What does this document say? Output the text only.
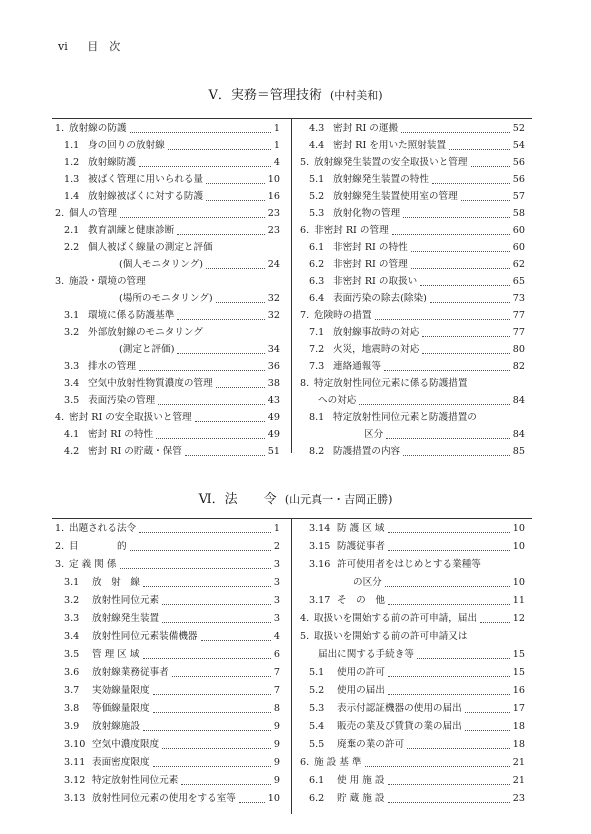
vi 目　次
Ⅴ．実務＝管理技術 (中村美和)
1. 放射線の防護	1
1.1 身の回りの放射線	1
1.2 放射線防護	4
1.3 被ばく管理に用いられる量	10
1.4 放射線被ばくに対する防護	16
2. 個人の管理	23
2.1 教育訓練と健康診断	23
2.2 個人被ばく線量の測定と評価
(個人モニタリング)	24
3. 施設・環境の管理
(場所のモニタリング)	32
3.1 環境に係る防護基準	32
3.2 外部放射線のモニタリング
(測定と評価)	34
3.3 排水の管理	36
3.4 空気中放射性物質濃度の管理	38
3.5 表面汚染の管理	43
4. 密封 RI の安全取扱いと管理	49
4.1 密封 RI の特性	49
4.2 密封 RI の貯蔵・保管	51
4.3 密封 RI の運搬	52
4.4 密封 RI を用いた照射装置	54
5. 放射線発生装置の安全取扱いと管理	56
5.1 放射線発生装置の特性	56
5.2 放射線発生装置使用室の管理	57
5.3 放射化物の管理	58
6. 非密封 RI の管理	60
6.1 非密封 RI の特性	60
6.2 非密封 RI の管理	62
6.3 非密封 RI の取扱い	65
6.4 表面汚染の除去(除染)	73
7. 危険時の措置	77
7.1 放射線事故時の対応	77
7.2 火災，地震時の対応	80
7.3 連絡通報等	82
8. 特定放射性同位元素に係る防護措置
への対応	84
8.1 特定放射性同位元素と防護措置の
区分	84
8.2 防護措置の内容	85
Ⅵ．法　　令 (山元真一・吉岡正勝)
1. 出題される法令	1
2. 目　　　　的	2
3. 定 義 関 係	3
3.1 放　射　線	3
3.2 放射性同位元素	3
3.3 放射線発生装置	3
3.4 放射性同位元素装備機器	4
3.5 管 理 区 域	6
3.6 放射線業務従事者	7
3.7 実効線量限度	7
3.8 等価線量限度	8
3.9 放射線施設	9
3.10 空気中濃度限度	9
3.11 表面密度限度	9
3.12 特定放射性同位元素	9
3.13 放射性同位元素の使用をする室等	10
3.14 防 護 区 域	10
3.15 防護従事者	10
3.16 許可使用者をはじめとする業種等
の区分	10
3.17 そ　の　他	11
4. 取扱いを開始する前の許可申請，届出	12
5. 取扱いを開始する前の許可申請又は
届出に関する手続き等	15
5.1 使用の許可	15
5.2 使用の届出	16
5.3 表示付認証機器の使用の届出	17
5.4 販売の業及び賃貸の業の届出	18
5.5 廃棄の業の許可	18
6. 施 設 基 準	21
6.1 使 用 施 設	21
6.2 貯 蔵 施 設	23
